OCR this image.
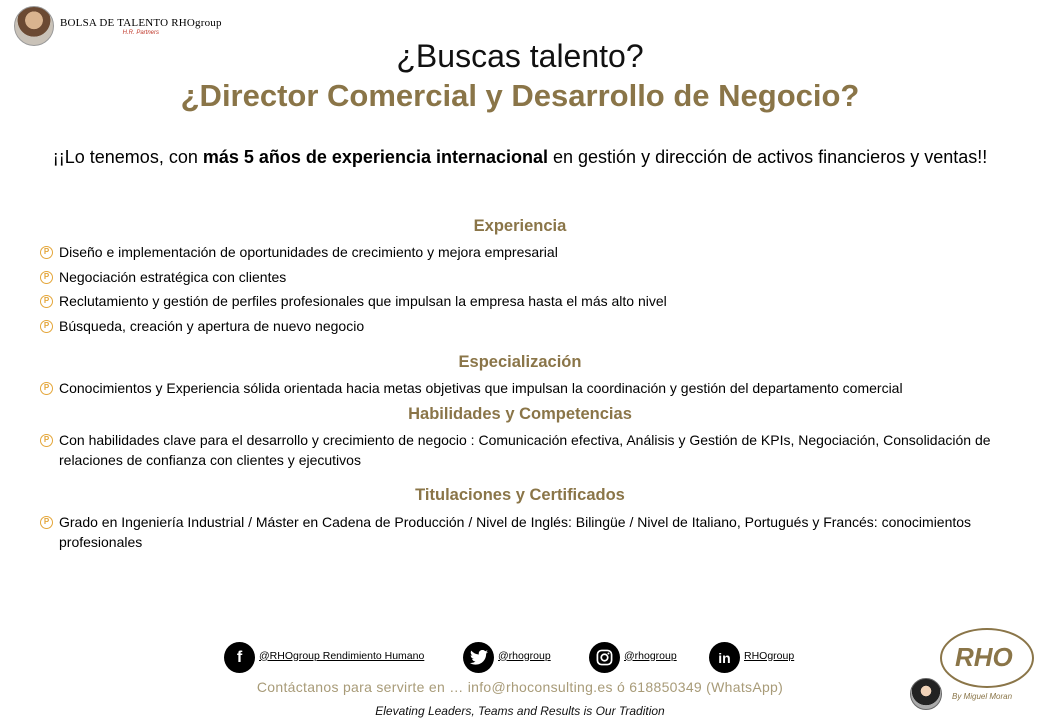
BOLSA DE TALENTO RHOgroup
H.R. Partners
¿Buscas talento?
¿Director Comercial y Desarrollo de Negocio?
¡¡Lo tenemos, con más 5 años de experiencia internacional en gestión y dirección de activos financieros y ventas!!
Experiencia
P Diseño e implementación de oportunidades de crecimiento y mejora empresarial
P Negociación estratégica con clientes
P Reclutamiento y gestión de perfiles profesionales que impulsan la empresa hasta el más alto nivel
P Búsqueda, creación y apertura de nuevo negocio
Especialización
P Conocimientos y Experiencia sólida orientada hacia metas objetivas que impulsan la coordinación y gestión del departamento comercial
Habilidades y Competencias
P Con habilidades clave para el desarrollo y crecimiento de negocio : Comunicación efectiva, Análisis y Gestión de KPIs, Negociación, Consolidación de relaciones de confianza con clientes y ejecutivos
Titulaciones y Certificados
P Grado en Ingeniería Industrial / Máster en Cadena de Producción / Nivel de Inglés: Bilingüe / Nivel de Italiano, Portugués y Francés: conocimientos profesionales
f	@RHOgroup Rendimiento Humano	@rhogroup	@rhogroup	in	RHOgroup
Contáctanos para servirte en … info@rhoconsulting.es ó 618850349 (WhatsApp)
Elevating Leaders, Teams and Results is Our Tradition
RHO
By Miguel Moran
